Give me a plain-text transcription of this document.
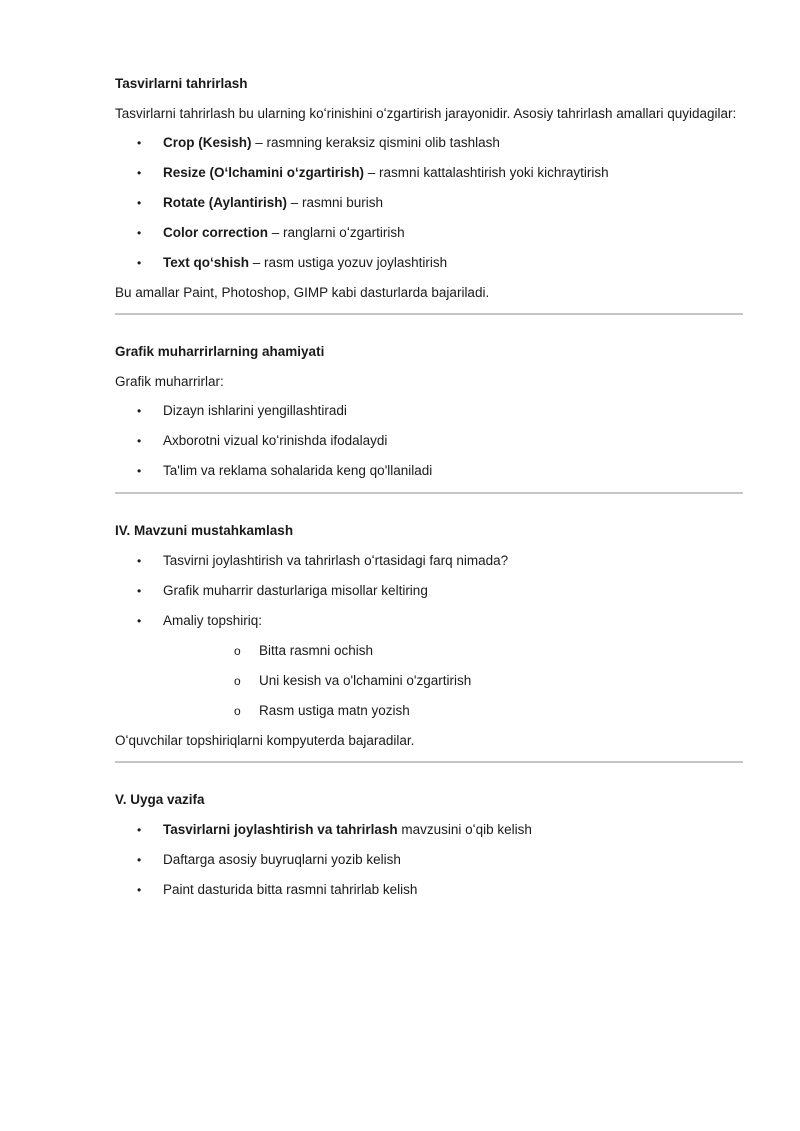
Tasvirlarni tahrirlash

Tasvirlarni tahrirlash bu ularning koʻrinishini oʻzgartirish jarayonidir. Asosiy tahrirlash amallari quyidagilar:

• Crop (Kesish) – rasmning keraksiz qismini olib tashlash
• Resize (Oʻlchamini oʻzgartirish) – rasmni kattalashtirish yoki kichraytirish
• Rotate (Aylantirish) – rasmni burish
• Color correction – ranglarni oʻzgartirish
• Text qoʻshish – rasm ustiga yozuv joylashtirish

Bu amallar Paint, Photoshop, GIMP kabi dasturlarda bajariladi.

Grafik muharrirlarning ahamiyati

Grafik muharrirlar:

• Dizayn ishlarini yengillashtiradi
• Axborotni vizual koʻrinishda ifodalaydi
• Ta'lim va reklama sohalarida keng qo'llaniladi
IV. Mavzuni mustahkamlash
• Tasvirni joylashtirish va tahrirlash oʻrtasidagi farq nimada?
• Grafik muharrir dasturlariga misollar keltiring
• Amaliy topshiriq:
o Bitta rasmni ochish
o Uni kesish va o'lchamini o'zgartirish
o Rasm ustiga matn yozish

Oʻquvchilar topshiriqlarni kompyuterda bajaradilar.

V. Uyga vazifa
• Tasvirlarni joylashtirish va tahrirlash mavzusini oʻqib kelish
• Daftarga asosiy buyruqlarni yozib kelish
• Paint dasturida bitta rasmni tahrirlab kelish
